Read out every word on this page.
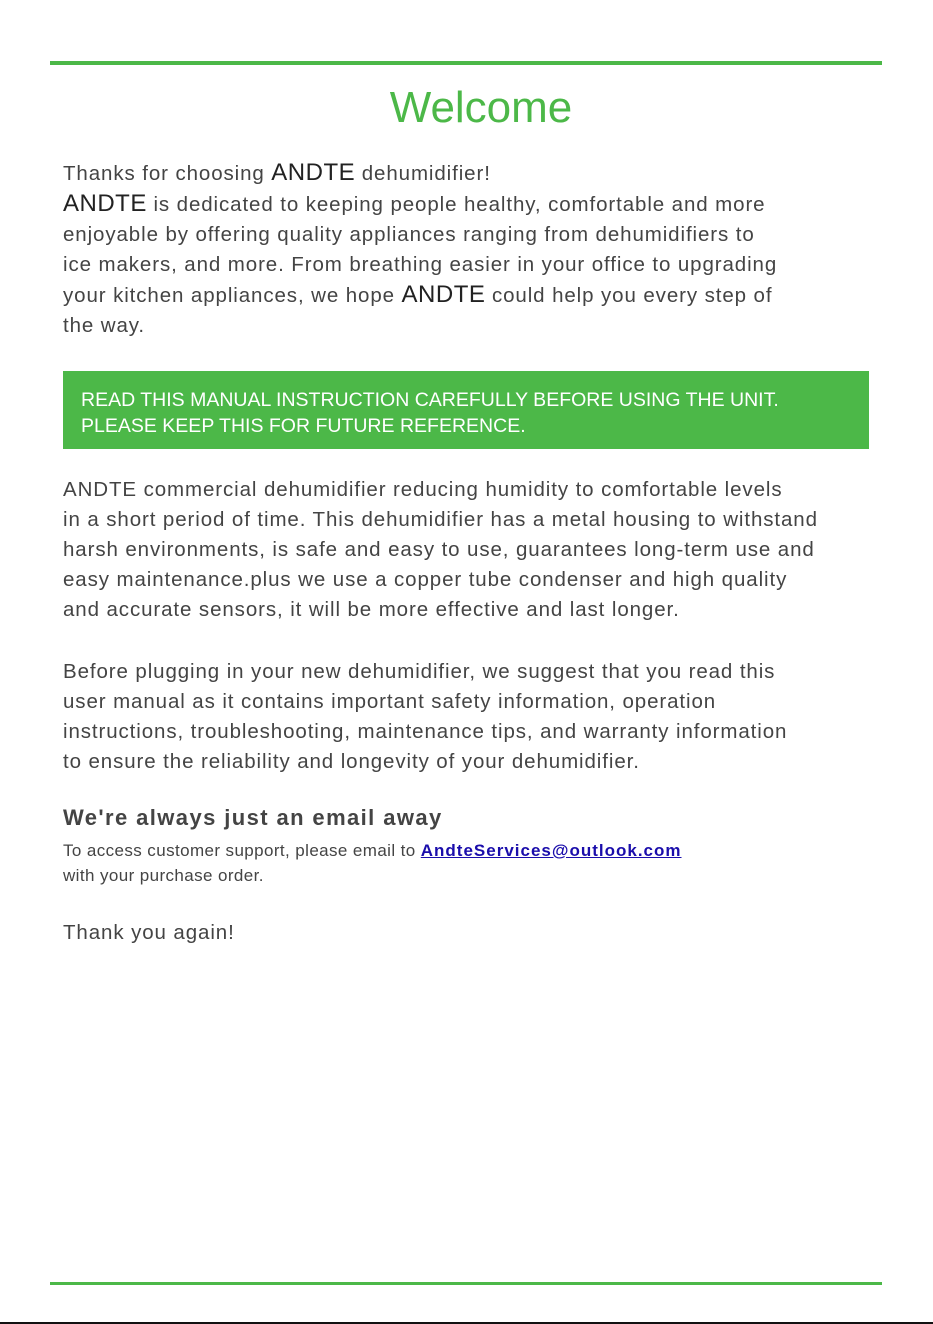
Welcome
Thanks for choosing ANDTE dehumidifier!
ANDTE is dedicated to keeping people healthy, comfortable and more
enjoyable by offering quality appliances ranging from dehumidifiers to
ice makers, and more. From breathing easier in your office to upgrading
your kitchen appliances, we hope ANDTE could help you every step of
the way.
READ THIS MANUAL INSTRUCTION CAREFULLY BEFORE USING THE UNIT.
PLEASE KEEP THIS FOR FUTURE REFERENCE.
ANDTE commercial dehumidifier reducing humidity to comfortable levels
in a short period of time. This dehumidifier has a metal housing to withstand
harsh environments, is safe and easy to use, guarantees long-term use and
easy maintenance.plus we use a copper tube condenser and high quality
and accurate sensors, it will be more effective and last longer.
Before plugging in your new dehumidifier, we suggest that you read this
user manual as it contains important safety information, operation
instructions, troubleshooting, maintenance tips, and warranty information
to ensure the reliability and longevity of your dehumidifier.
We're always just an email away
To access customer support, please email to AndteServices@outlook.com
with your purchase order.
Thank you again!
